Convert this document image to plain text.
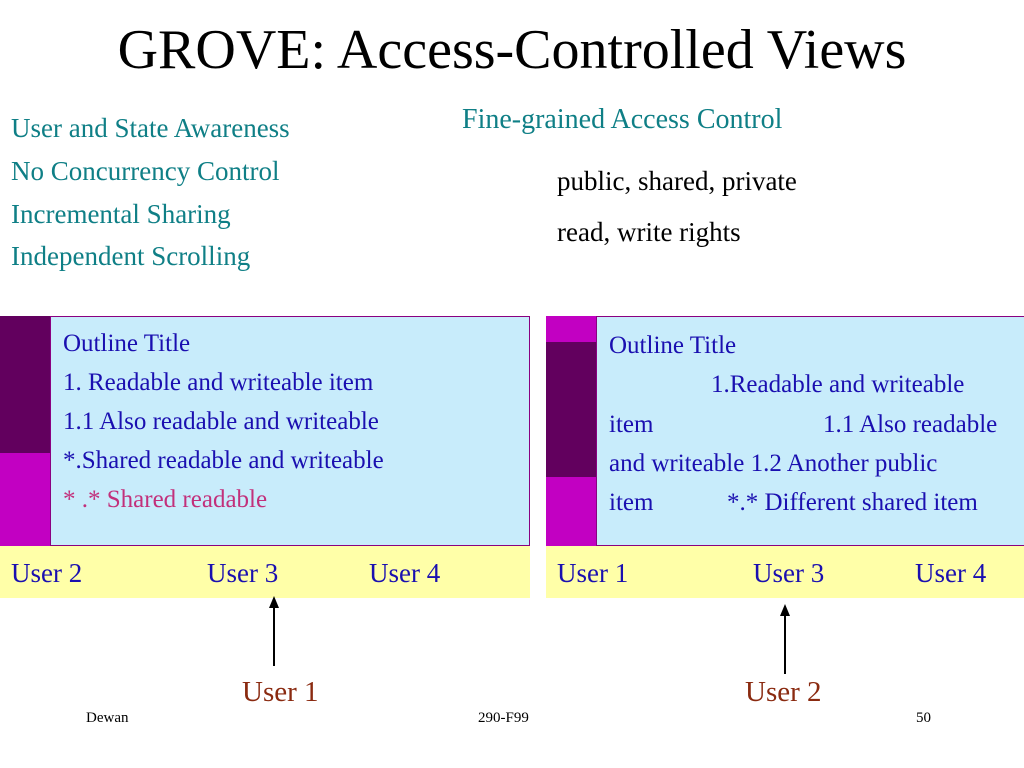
GROVE: Access-Controlled Views
User and State Awareness
No Concurrency Control
Incremental Sharing
Independent Scrolling
Fine-grained Access Control
public, shared, private
read, write rights
Outline Title
1. Readable and writeable item
1.1 Also readable and writeable
*.Shared readable and writeable
* .* Shared readable
User 2	User 3	User 4
User 1
Outline Title
1.Readable and writeable
item	1.1 Also readable
and writeable 1.2 Another public
item	*.* Different shared item
User 1	User 3	User 4
User 2
Dewan	290-F99	50
